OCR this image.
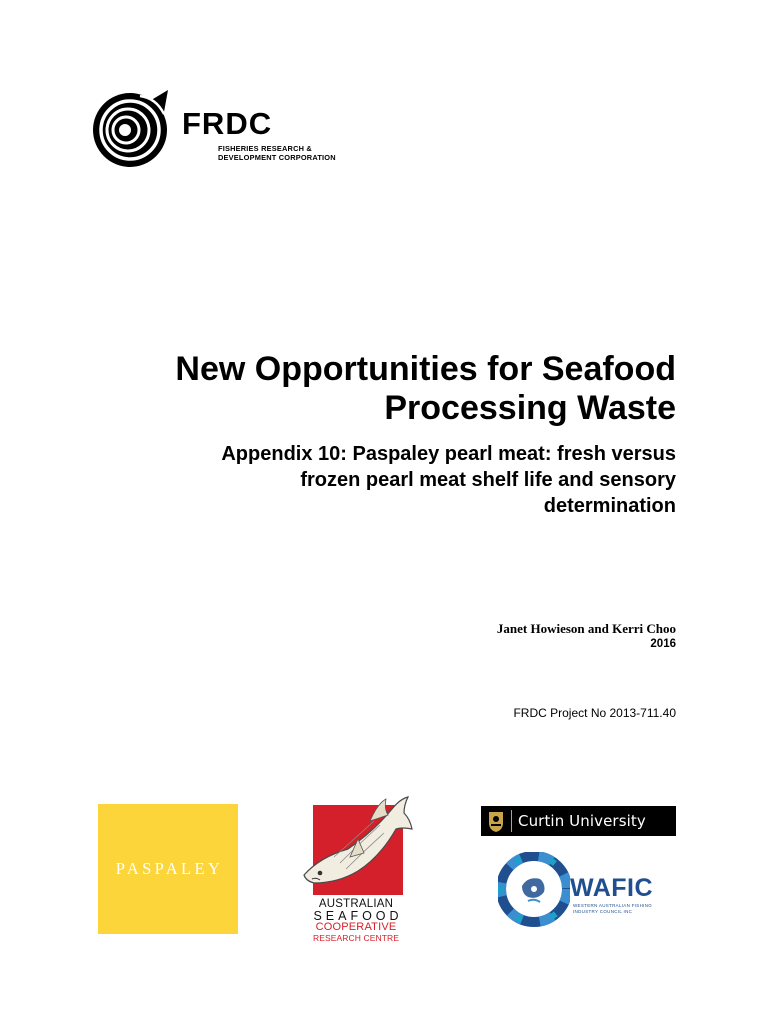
FRDC
FISHERIES RESEARCH &
DEVELOPMENT CORPORATION
New Opportunities for Seafood
Processing Waste
Appendix 10: Paspaley pearl meat: fresh versus
frozen pearl meat shelf life and sensory
determination
Janet Howieson and Kerri Choo
2016
FRDC Project No 2013-711.40
PASPALEY
AUSTRALIAN
SEAFOOD
COOPERATIVE
RESEARCH CENTRE
Curtin University
WAFIC
WESTERN AUSTRALIAN FISHING
INDUSTRY COUNCIL INC
